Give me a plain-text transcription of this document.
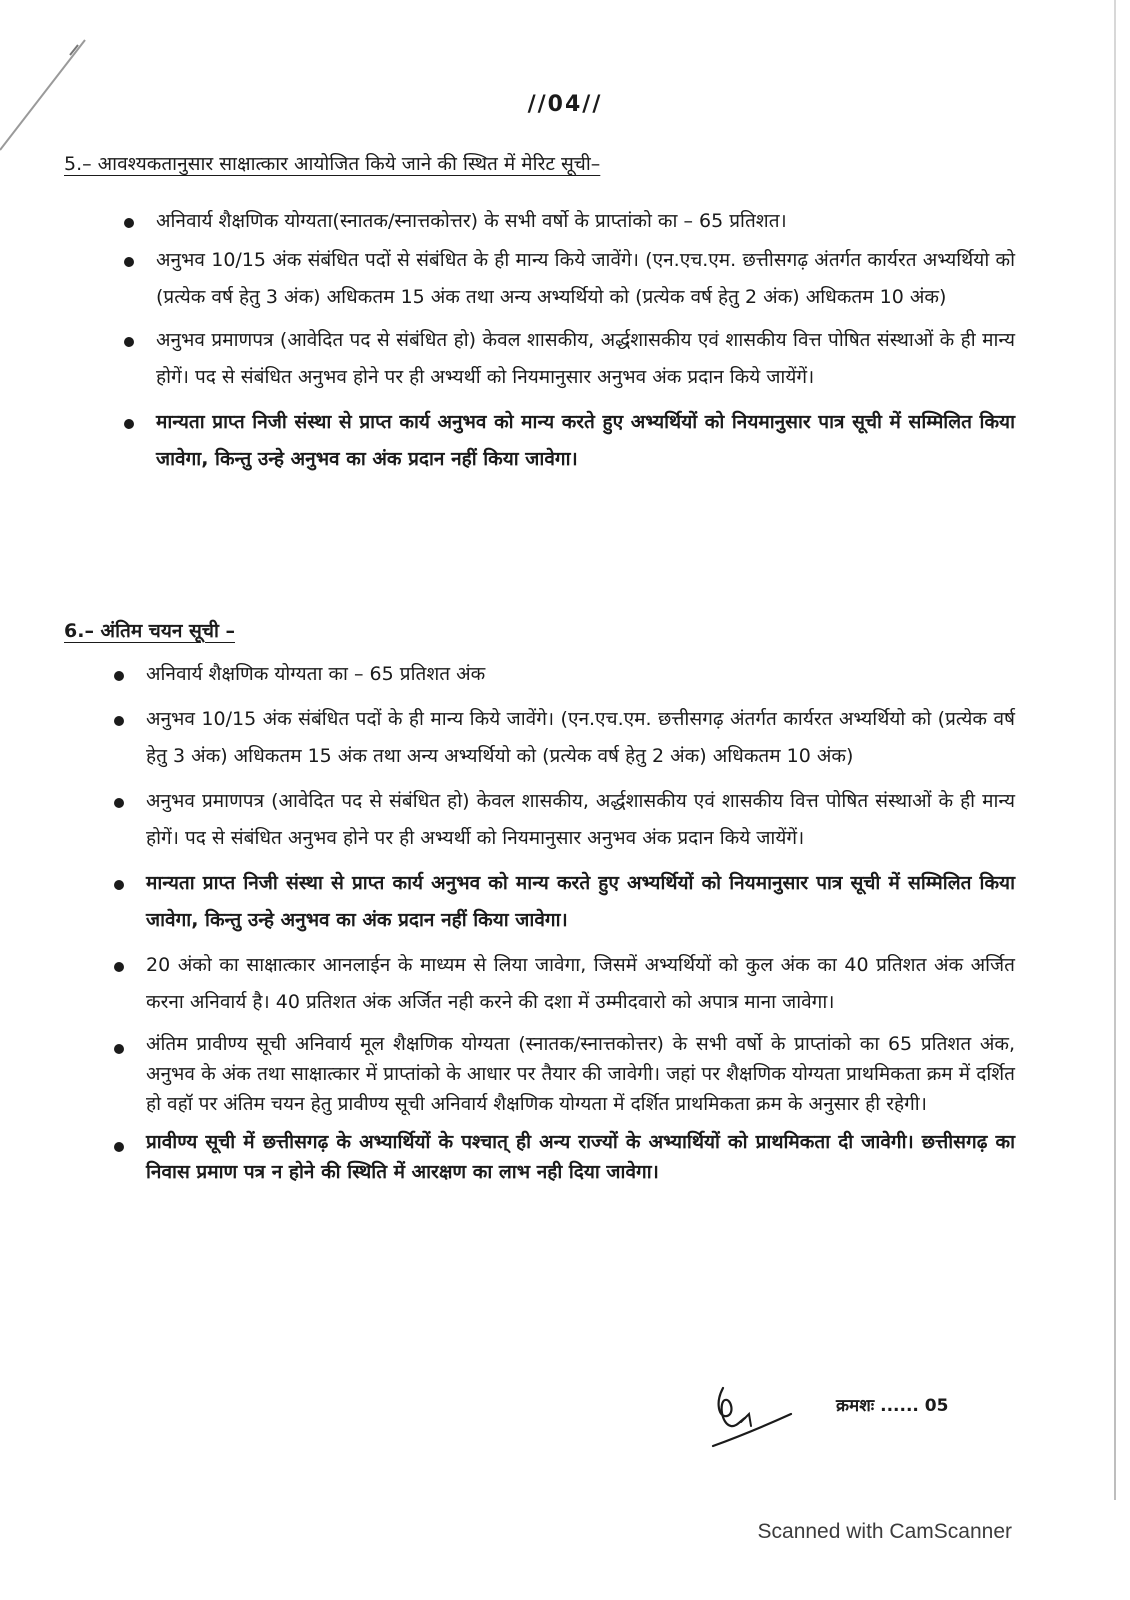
//04//
5.– आवश्यकतानुसार साक्षात्कार आयोजित किये जाने की स्थित में मेरिट सूची–
अनिवार्य शैक्षणिक योग्यता(स्नातक/स्नात्तकोत्तर) के सभी वर्षो के प्राप्तांको का – 65 प्रतिशत।
अनुभव 10/15 अंक संबंधित पदों से संबंधित के ही मान्य किये जावेंगे। (एन.एच.एम. छत्तीसगढ़ अंतर्गत कार्यरत अभ्यर्थियो को (प्रत्येक वर्ष हेतु 3 अंक) अधिकतम 15 अंक तथा अन्य अभ्यर्थियो को (प्रत्येक वर्ष हेतु 2 अंक) अधिकतम 10 अंक)
अनुभव प्रमाणपत्र (आवेदित पद से संबंधित हो) केवल शासकीय, अर्द्धशासकीय एवं शासकीय वित्त पोषित संस्थाओं के ही मान्य होगें। पद से संबंधित अनुभव होने पर ही अभ्यर्थी को नियमानुसार अनुभव अंक प्रदान किये जायेंगें।
मान्यता प्राप्त निजी संस्था से प्राप्त कार्य अनुभव को मान्य करते हुए अभ्यर्थियों को नियमानुसार पात्र सूची में सम्मिलित किया जावेगा, किन्तु उन्हे अनुभव का अंक प्रदान नहीं किया जावेगा।
6.– अंतिम चयन सूची –
अनिवार्य शैक्षणिक योग्यता का – 65 प्रतिशत अंक
अनुभव 10/15 अंक संबंधित पदों के ही मान्य किये जावेंगे। (एन.एच.एम. छत्तीसगढ़ अंतर्गत कार्यरत अभ्यर्थियो को (प्रत्येक वर्ष हेतु 3 अंक) अधिकतम 15 अंक तथा अन्य अभ्यर्थियो को (प्रत्येक वर्ष हेतु 2 अंक) अधिकतम 10 अंक)
अनुभव प्रमाणपत्र (आवेदित पद से संबंधित हो) केवल शासकीय, अर्द्धशासकीय एवं शासकीय वित्त पोषित संस्थाओं के ही मान्य होगें। पद से संबंधित अनुभव होने पर ही अभ्यर्थी को नियमानुसार अनुभव अंक प्रदान किये जायेंगें।
मान्यता प्राप्त निजी संस्था से प्राप्त कार्य अनुभव को मान्य करते हुए अभ्यर्थियों को नियमानुसार पात्र सूची में सम्मिलित किया जावेगा, किन्तु उन्हे अनुभव का अंक प्रदान नहीं किया जावेगा।
20 अंको का साक्षात्कार आनलाईन के माध्यम से लिया जावेगा, जिसमें अभ्यर्थियों को कुल अंक का 40 प्रतिशत अंक अर्जित करना अनिवार्य है। 40 प्रतिशत अंक अर्जित नही करने की दशा में उम्मीदवारो को अपात्र माना जावेगा।
अंतिम प्रावीण्य सूची अनिवार्य मूल शैक्षणिक योग्यता (स्नातक/स्नात्तकोत्तर) के सभी वर्षो के प्राप्तांको का 65 प्रतिशत अंक, अनुभव के अंक तथा साक्षात्कार में प्राप्तांको के आधार पर तैयार की जावेगी। जहां पर शैक्षणिक योग्यता प्राथमिकता क्रम में दर्शित हो वहॉ पर अंतिम चयन हेतु प्रावीण्य सूची अनिवार्य शैक्षणिक योग्यता में दर्शित प्राथमिकता क्रम के अनुसार ही रहेगी।
प्रावीण्य सूची में छत्तीसगढ़ के अभ्यार्थियों के पश्चात् ही अन्य राज्यों के अभ्यार्थियों को प्राथमिकता दी जावेगी। छत्तीसगढ़ का निवास प्रमाण पत्र न होने की स्थिति में आरक्षण का लाभ नही दिया जावेगा।
क्रमशः ...... 05
Scanned with CamScanner
